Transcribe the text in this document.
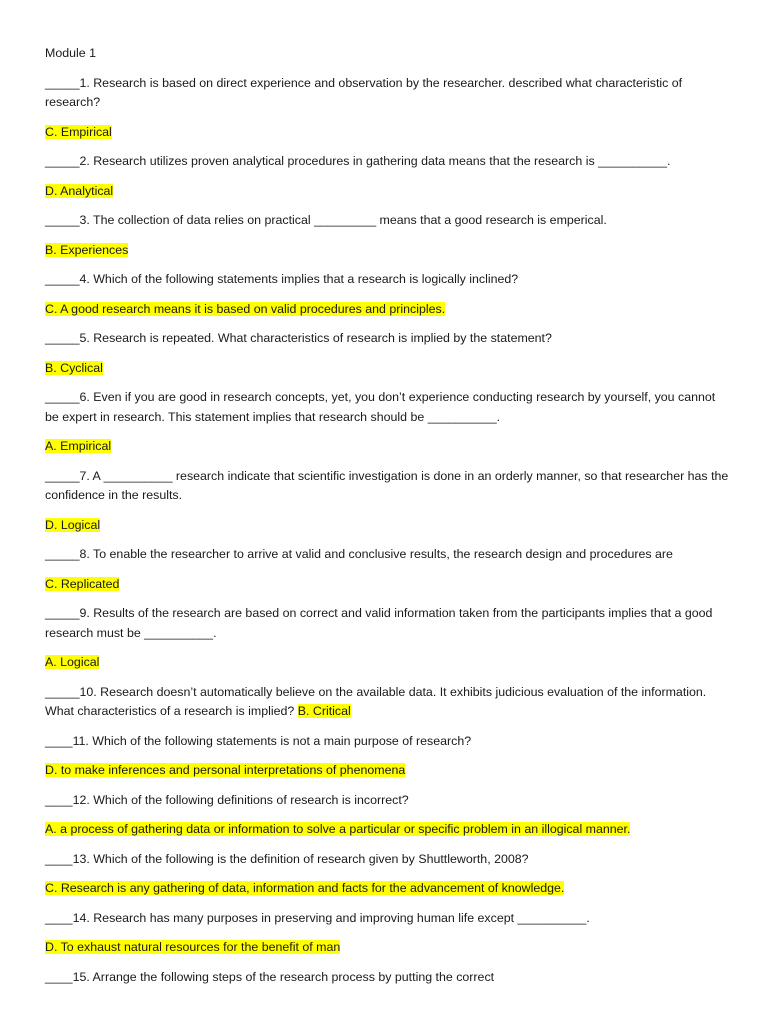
Module 1

_____1. Research is based on direct experience and observation by the researcher. described what characteristic of research?

C. Empirical

_____2. Research utilizes proven analytical procedures in gathering data means that the research is __________.

D. Analytical

_____3. The collection of data relies on practical _________ means that a good research is emperical.

B. Experiences

_____4. Which of the following statements implies that a research is logically inclined?

C. A good research means it is based on valid procedures and principles.

_____5. Research is repeated. What characteristics of research is implied by the statement?

B. Cyclical

_____6. Even if you are good in research concepts, yet, you don’t experience conducting research by yourself, you cannot be expert in research. This statement implies that research should be __________.

A. Empirical

_____7. A __________ research indicate that scientific investigation is done in an orderly manner, so that researcher has the confidence in the results.

D. Logical

_____8. To enable the researcher to arrive at valid and conclusive results, the research design and procedures are

C. Replicated

_____9. Results of the research are based on correct and valid information taken from the participants implies that a good research must be __________.

A. Logical

_____10. Research doesn’t automatically believe on the available data. It exhibits judicious evaluation of the information. What characteristics of a research is implied? B. Critical

____11. Which of the following statements is not a main purpose of research?

D. to make inferences and personal interpretations of phenomena

____12. Which of the following definitions of research is incorrect?

A. a process of gathering data or information to solve a particular or specific problem in an illogical manner.

____13. Which of the following is the definition of research given by Shuttleworth, 2008?

C. Research is any gathering of data, information and facts for the advancement of knowledge.

____14. Research has many purposes in preserving and improving human life except __________.

D. To exhaust natural resources for the benefit of man

____15. Arrange the following steps of the research process by putting the correct
